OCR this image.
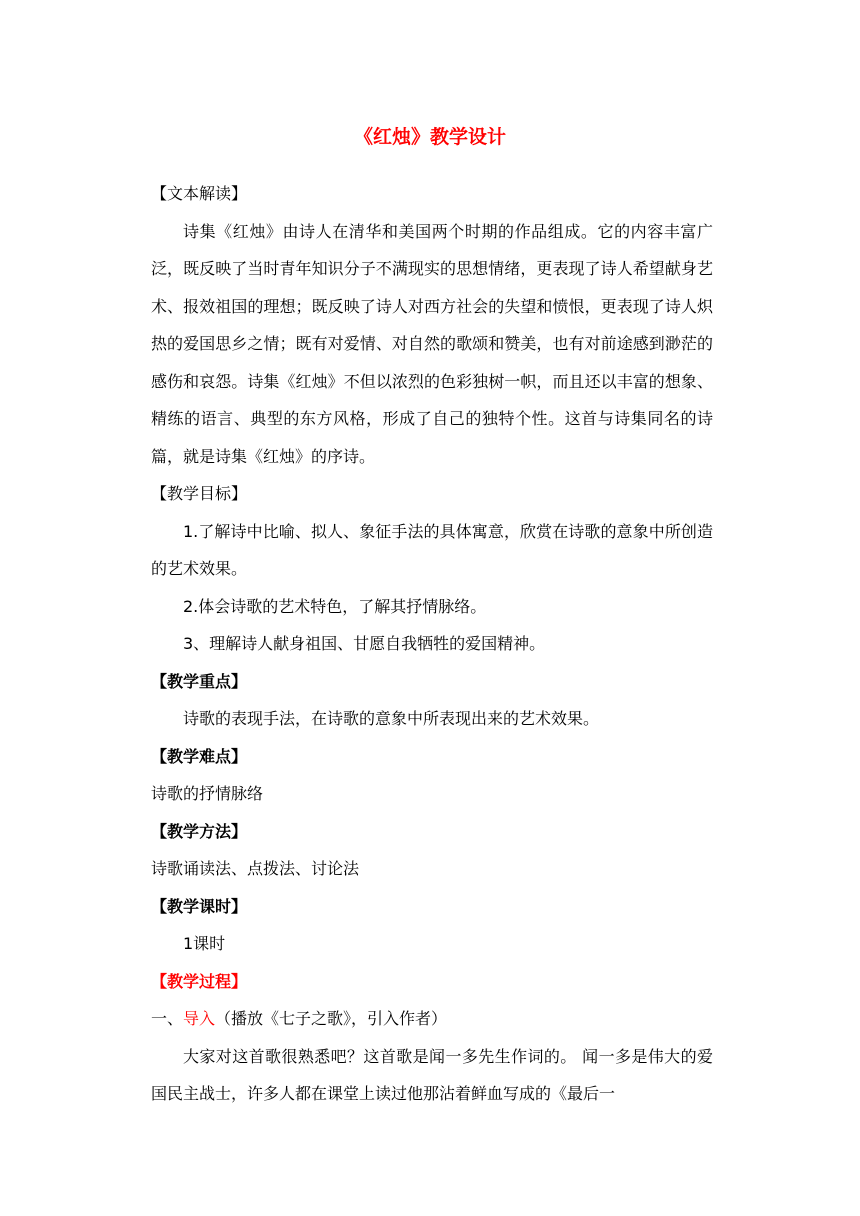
《红烛》教学设计
【文本解读】

诗集《红烛》由诗人在清华和美国两个时期的作品组成。它的内容丰富广泛，既反映了当时青年知识分子不满现实的思想情绪，更表现了诗人希望献身艺术、报效祖国的理想；既反映了诗人对西方社会的失望和愤恨，更表现了诗人炽热的爱国思乡之情；既有对爱情、对自然的歌颂和赞美，也有对前途感到渺茫的感伤和哀怨。诗集《红烛》不但以浓烈的色彩独树一帜，而且还以丰富的想象、精练的语言、典型的东方风格，形成了自己的独特个性。这首与诗集同名的诗篇，就是诗集《红烛》的序诗。

【教学目标】

1.了解诗中比喻、拟人、象征手法的具体寓意，欣赏在诗歌的意象中所创造的艺术效果。

2.体会诗歌的艺术特色，了解其抒情脉络。

3、理解诗人献身祖国、甘愿自我牺牲的爱国精神。

【教学重点】

诗歌的表现手法，在诗歌的意象中所表现出来的艺术效果。

【教学难点】
诗歌的抒情脉络
【教学方法】
诗歌诵读法、点拨法、讨论法
【教学课时】
1课时
【教学过程】
一、导入（播放《七子之歌》，引入作者）

大家对这首歌很熟悉吧？这首歌是闻一多先生作词的。 闻一多是伟大的爱国民主战士，许多人都在课堂上读过他那沾着鲜血写成的《最后一
